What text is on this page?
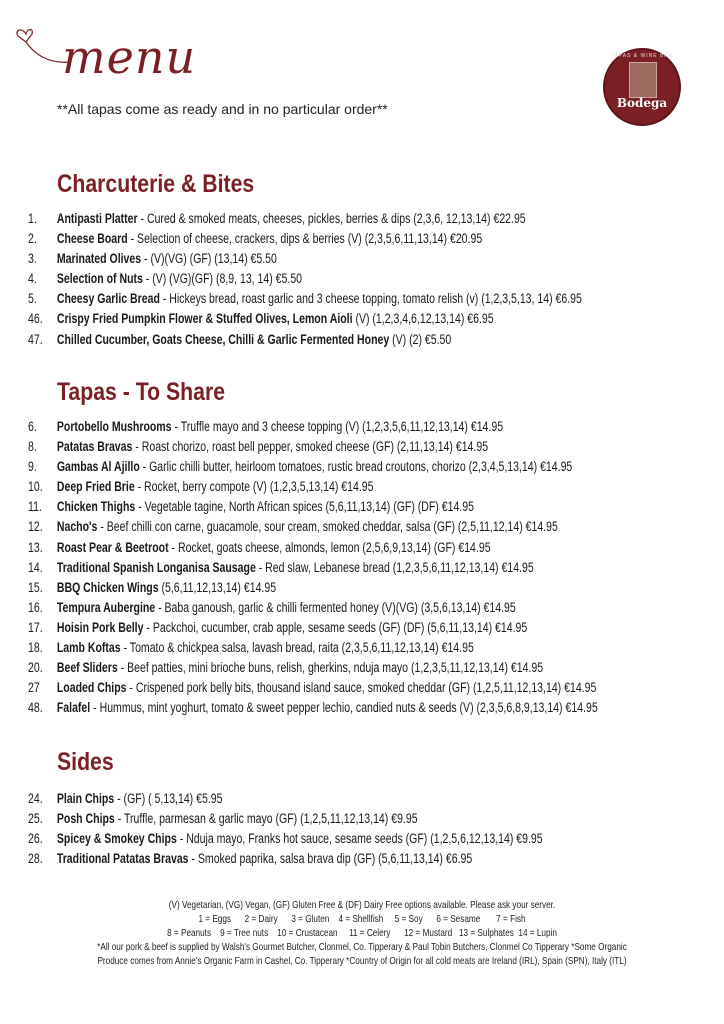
menu
**All tapas come as ready and in no particular order**
TAPAS & WINE BAR
Bodega
Charcuterie & Bites
1. Antipasti Platter - Cured & smoked meats, cheeses, pickles, berries & dips (2,3,6, 12,13,14) €22.95
2. Cheese Board - Selection of cheese, crackers, dips & berries (V) (2,3,5,6,11,13,14) €20.95
3. Marinated Olives - (V)(VG) (GF) (13,14) €5.50
4. Selection of Nuts - (V) (VG)(GF) (8,9, 13, 14) €5.50
5. Cheesy Garlic Bread - Hickeys bread, roast garlic and 3 cheese topping, tomato relish (v) (1,2,3,5,13, 14) €6.95
46. Crispy Fried Pumpkin Flower & Stuffed Olives, Lemon Aioli (V) (1,2,3,4,6,12,13,14) €6.95
47. Chilled Cucumber, Goats Cheese, Chilli & Garlic Fermented Honey (V) (2) €5.50
Tapas - To Share
6. Portobello Mushrooms - Truffle mayo and 3 cheese topping (V) (1,2,3,5,6,11,12,13,14) €14.95
8. Patatas Bravas - Roast chorizo, roast bell pepper, smoked cheese (GF) (2,11,13,14) €14.95
9. Gambas Al Ajillo - Garlic chilli butter, heirloom tomatoes, rustic bread croutons, chorizo (2,3,4,5,13,14) €14.95
10. Deep Fried Brie - Rocket, berry compote (V) (1,2,3,5,13,14) €14.95
11. Chicken Thighs - Vegetable tagine, North African spices (5,6,11,13,14) (GF) (DF) €14.95
12. Nacho's - Beef chilli con carne, guacamole, sour cream, smoked cheddar, salsa (GF) (2,5,11,12,14) €14.95
13. Roast Pear & Beetroot - Rocket, goats cheese, almonds, lemon (2,5,6,9,13,14) (GF) €14.95
14. Traditional Spanish Longanisa Sausage - Red slaw, Lebanese bread (1,2,3,5,6,11,12,13,14) €14.95
15. BBQ Chicken Wings (5,6,11,12,13,14) €14.95
16. Tempura Aubergine - Baba ganoush, garlic & chilli fermented honey (V)(VG) (3,5,6,13,14) €14.95
17. Hoisin Pork Belly - Packchoi, cucumber, crab apple, sesame seeds (GF) (DF) (5,6,11,13,14) €14.95
18. Lamb Koftas - Tomato & chickpea salsa, lavash bread, raita (2,3,5,6,11,12,13,14) €14.95
20. Beef Sliders - Beef patties, mini brioche buns, relish, gherkins, nduja mayo (1,2,3,5,11,12,13,14) €14.95
27 Loaded Chips - Crispened pork belly bits, thousand island sauce, smoked cheddar (GF) (1,2,5,11,12,13,14) €14.95
48. Falafel - Hummus, mint yoghurt, tomato & sweet pepper lechio, candied nuts & seeds (V) (2,3,5,6,8,9,13,14) €14.95
Sides
24. Plain Chips - (GF) ( 5,13,14) €5.95
25. Posh Chips - Truffle, parmesan & garlic mayo (GF) (1,2,5,11,12,13,14) €9.95
26. Spicey & Smokey Chips - Nduja mayo, Franks hot sauce, sesame seeds (GF) (1,2,5,6,12,13,14) €9.95
28. Traditional Patatas Bravas - Smoked paprika, salsa brava dip (GF) (5,6,11,13,14) €6.95
(V) Vegetarian, (VG) Vegan, (GF) Gluten Free & (DF) Dairy Free options available. Please ask your server.
1 = Eggs      2 = Dairy      3 = Gluten    4 = Shellfish     5 = Soy      6 = Sesame       7 = Fish
8 = Peanuts    9 = Tree nuts    10 = Crustacean     11 = Celery      12 = Mustard   13 = Sulphates  14 = Lupin
*All our pork & beef is supplied by Walsh's Gourmet Butcher, Clonmel, Co. Tipperary & Paul Tobin Butchers, Clonmel Co Tipperary *Some Organic
Produce comes from Annie's Organic Farm in Cashel, Co. Tipperary *Country of Origin for all cold meats are Ireland (IRL), Spain (SPN), Italy (ITL)
